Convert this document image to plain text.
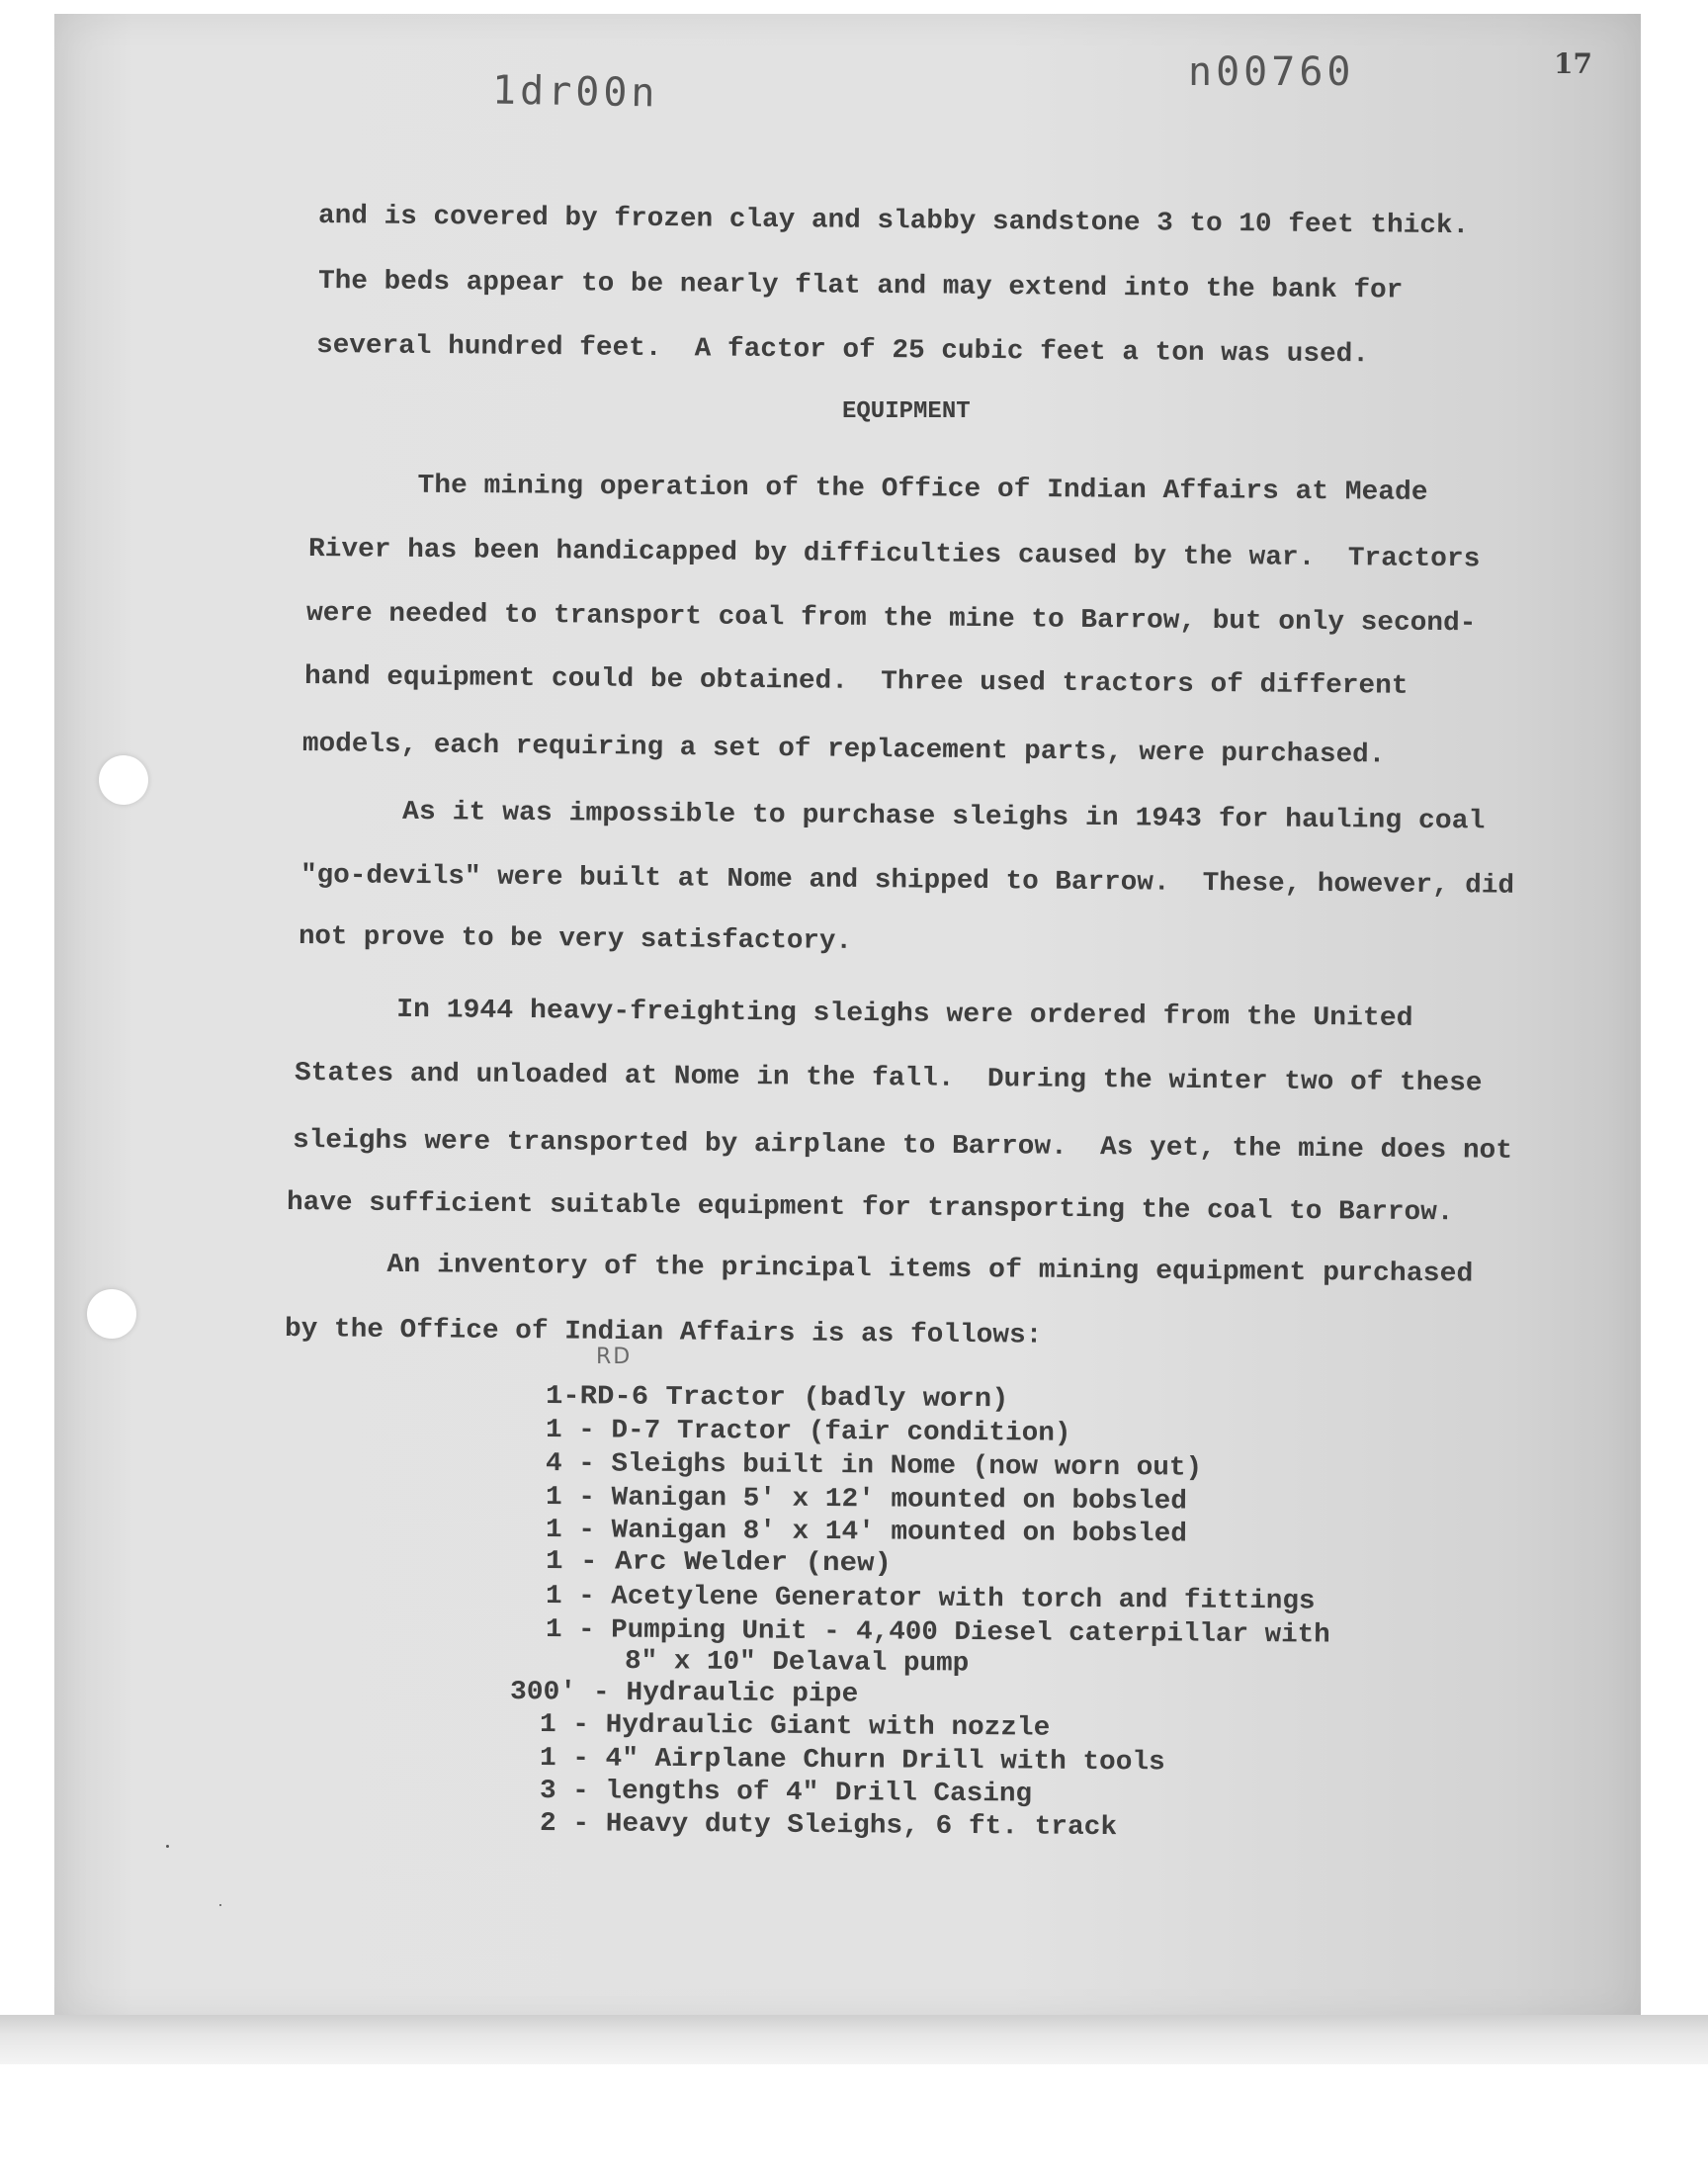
1dr00n	n00760	17
and is covered by frozen clay and slabby sandstone 3 to 10 feet thick.
The beds appear to be nearly flat and may extend into the bank for
several hundred feet.  A factor of 25 cubic feet a ton was used.
The mining operation of the Office of Indian Affairs at Meade
River has been handicapped by difficulties caused by the war.  Tractors
were needed to transport coal from the mine to Barrow, but only second-
hand equipment could be obtained.  Three used tractors of different
models, each requiring a set of replacement parts, were purchased.
As it was impossible to purchase sleighs in 1943 for hauling coal
"go-devils" were built at Nome and shipped to Barrow.  These, however, did
not prove to be very satisfactory.
In 1944 heavy-freighting sleighs were ordered from the United
States and unloaded at Nome in the fall.  During the winter two of these
sleighs were transported by airplane to Barrow.  As yet, the mine does not
have sufficient suitable equipment for transporting the coal to Barrow.
An inventory of the principal items of mining equipment purchased
by the Office of Indian Affairs is as follows:
EQUIPMENT
RD
1-RD-6 Tractor (badly worn)
1 - D-7 Tractor (fair condition)
4 - Sleighs built in Nome (now worn out)
1 - Wanigan 5' x 12' mounted on bobsled
1 - Wanigan 8' x 14' mounted on bobsled
1 - Arc Welder (new)
1 - Acetylene Generator with torch and fittings
1 - Pumping Unit - 4,400 Diesel caterpillar with
8" x 10" Delaval pump
300' - Hydraulic pipe
1 - Hydraulic Giant with nozzle
1 - 4" Airplane Churn Drill with tools
3 - lengths of 4" Drill Casing
2 - Heavy duty Sleighs, 6 ft. track
